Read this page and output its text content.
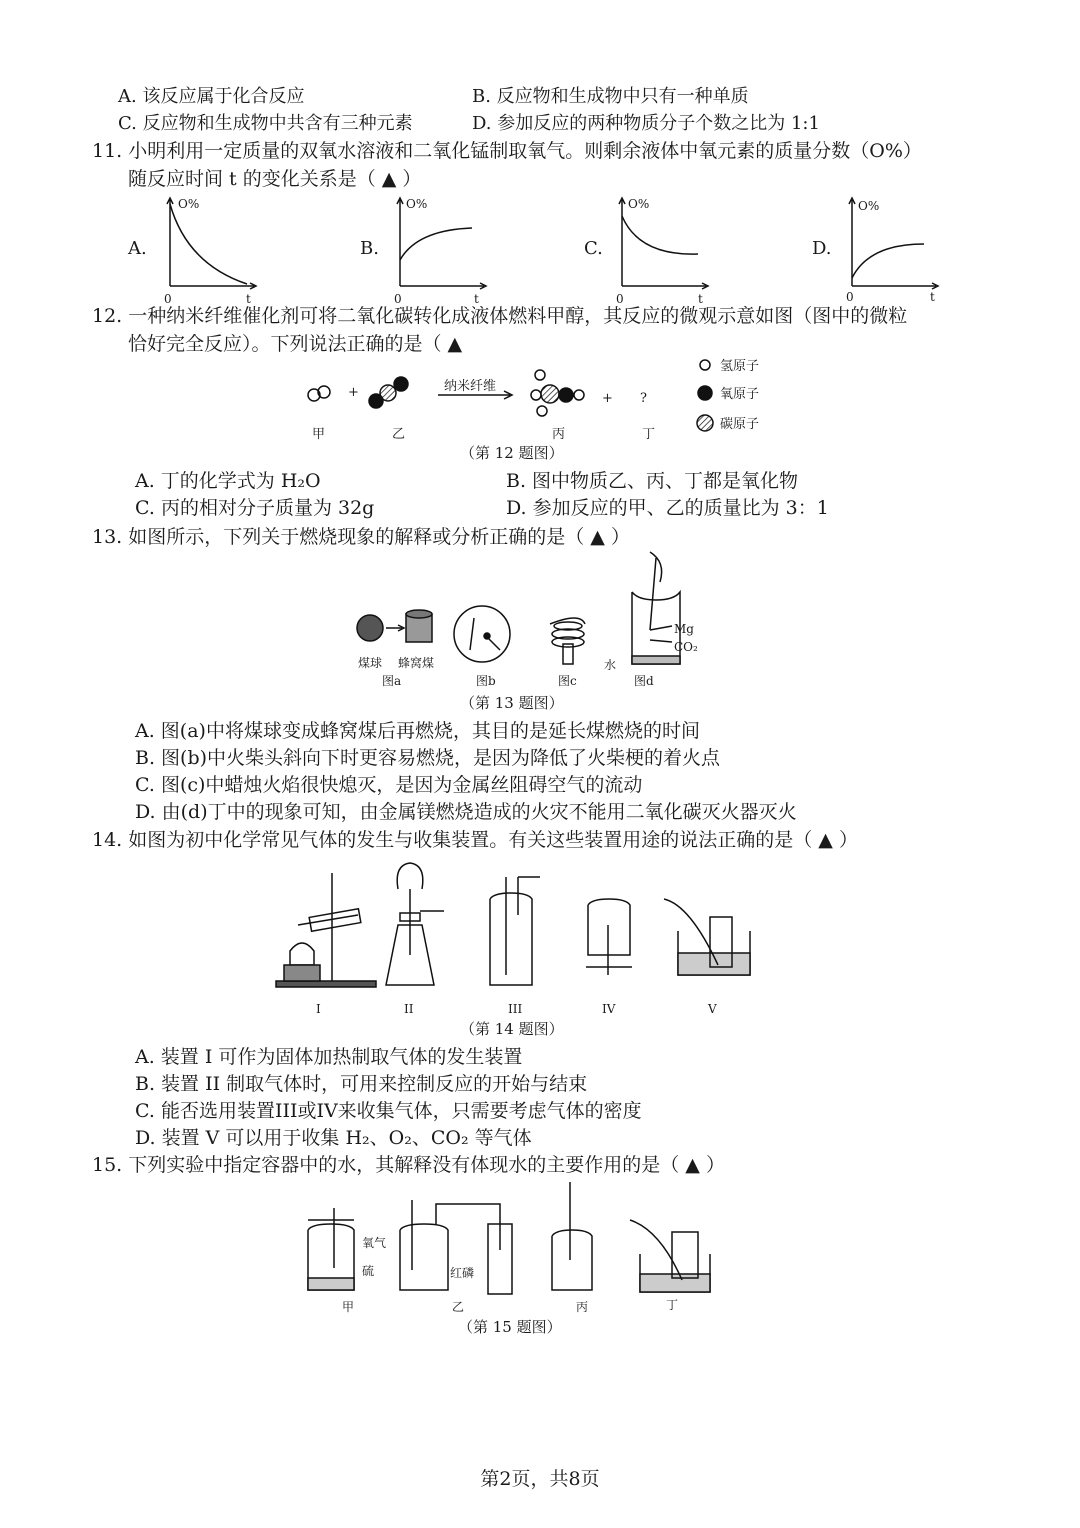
A. 该反应属于化合反应	B. 反应物和生成物中只有一种单质
C. 反应物和生成物中共含有三种元素	D. 参加反应的两种物质分子个数之比为 1:1
11. 小明利用一定质量的双氧水溶液和二氧化锰制取氧气。则剩余液体中氧元素的质量分数（O%）
随反应时间 t 的变化关系是（ ▲ ）
A.
O%
0	t
B.
O%
0	t
C.
O%
0	t
D.
O%
0	t
12. 一种纳米纤维催化剂可将二氧化碳转化成液体燃料甲醇，其反应的微观示意如图（图中的微粒
恰好完全反应）。下列说法正确的是（ ▲
+	+ ?
纳米纤维
氢原子
氧原子
碳原子
甲	乙	丙	丁
（第 12 题图）
A. 丁的化学式为 H₂O	B. 图中物质乙、丙、丁都是氧化物
C. 丙的相对分子质量为 32g	D. 参加反应的甲、乙的质量比为 3：1
13. 如图所示，下列关于燃烧现象的解释或分析正确的是（ ▲ ）
煤球 蜂窝煤
图a	图b	图c	图d
Mg
CO₂
水
（第 13 题图）
A. 图(a)中将煤球变成蜂窝煤后再燃烧，其目的是延长煤燃烧的时间
B. 图(b)中火柴头斜向下时更容易燃烧，是因为降低了火柴梗的着火点
C. 图(c)中蜡烛火焰很快熄灭，是因为金属丝阻碍空气的流动
D. 由(d)丁中的现象可知，由金属镁燃烧造成的火灾不能用二氧化碳灭火器灭火
14. 如图为初中化学常见气体的发生与收集装置。有关这些装置用途的说法正确的是（ ▲ ）
I	II	III	IV	V
（第 14 题图）
A. 装置 I 可作为固体加热制取气体的发生装置
B. 装置 II 制取气体时，可用来控制反应的开始与结束
C. 能否选用装置III或IV来收集气体，只需要考虑气体的密度
D. 装置 V 可以用于收集 H₂、O₂、CO₂ 等气体
15. 下列实验中指定容器中的水，其解释没有体现水的主要作用的是（ ▲ ）
氧气
硫	红磷
甲	乙	丙	丁
（第 15 题图）
第2页，共8页
